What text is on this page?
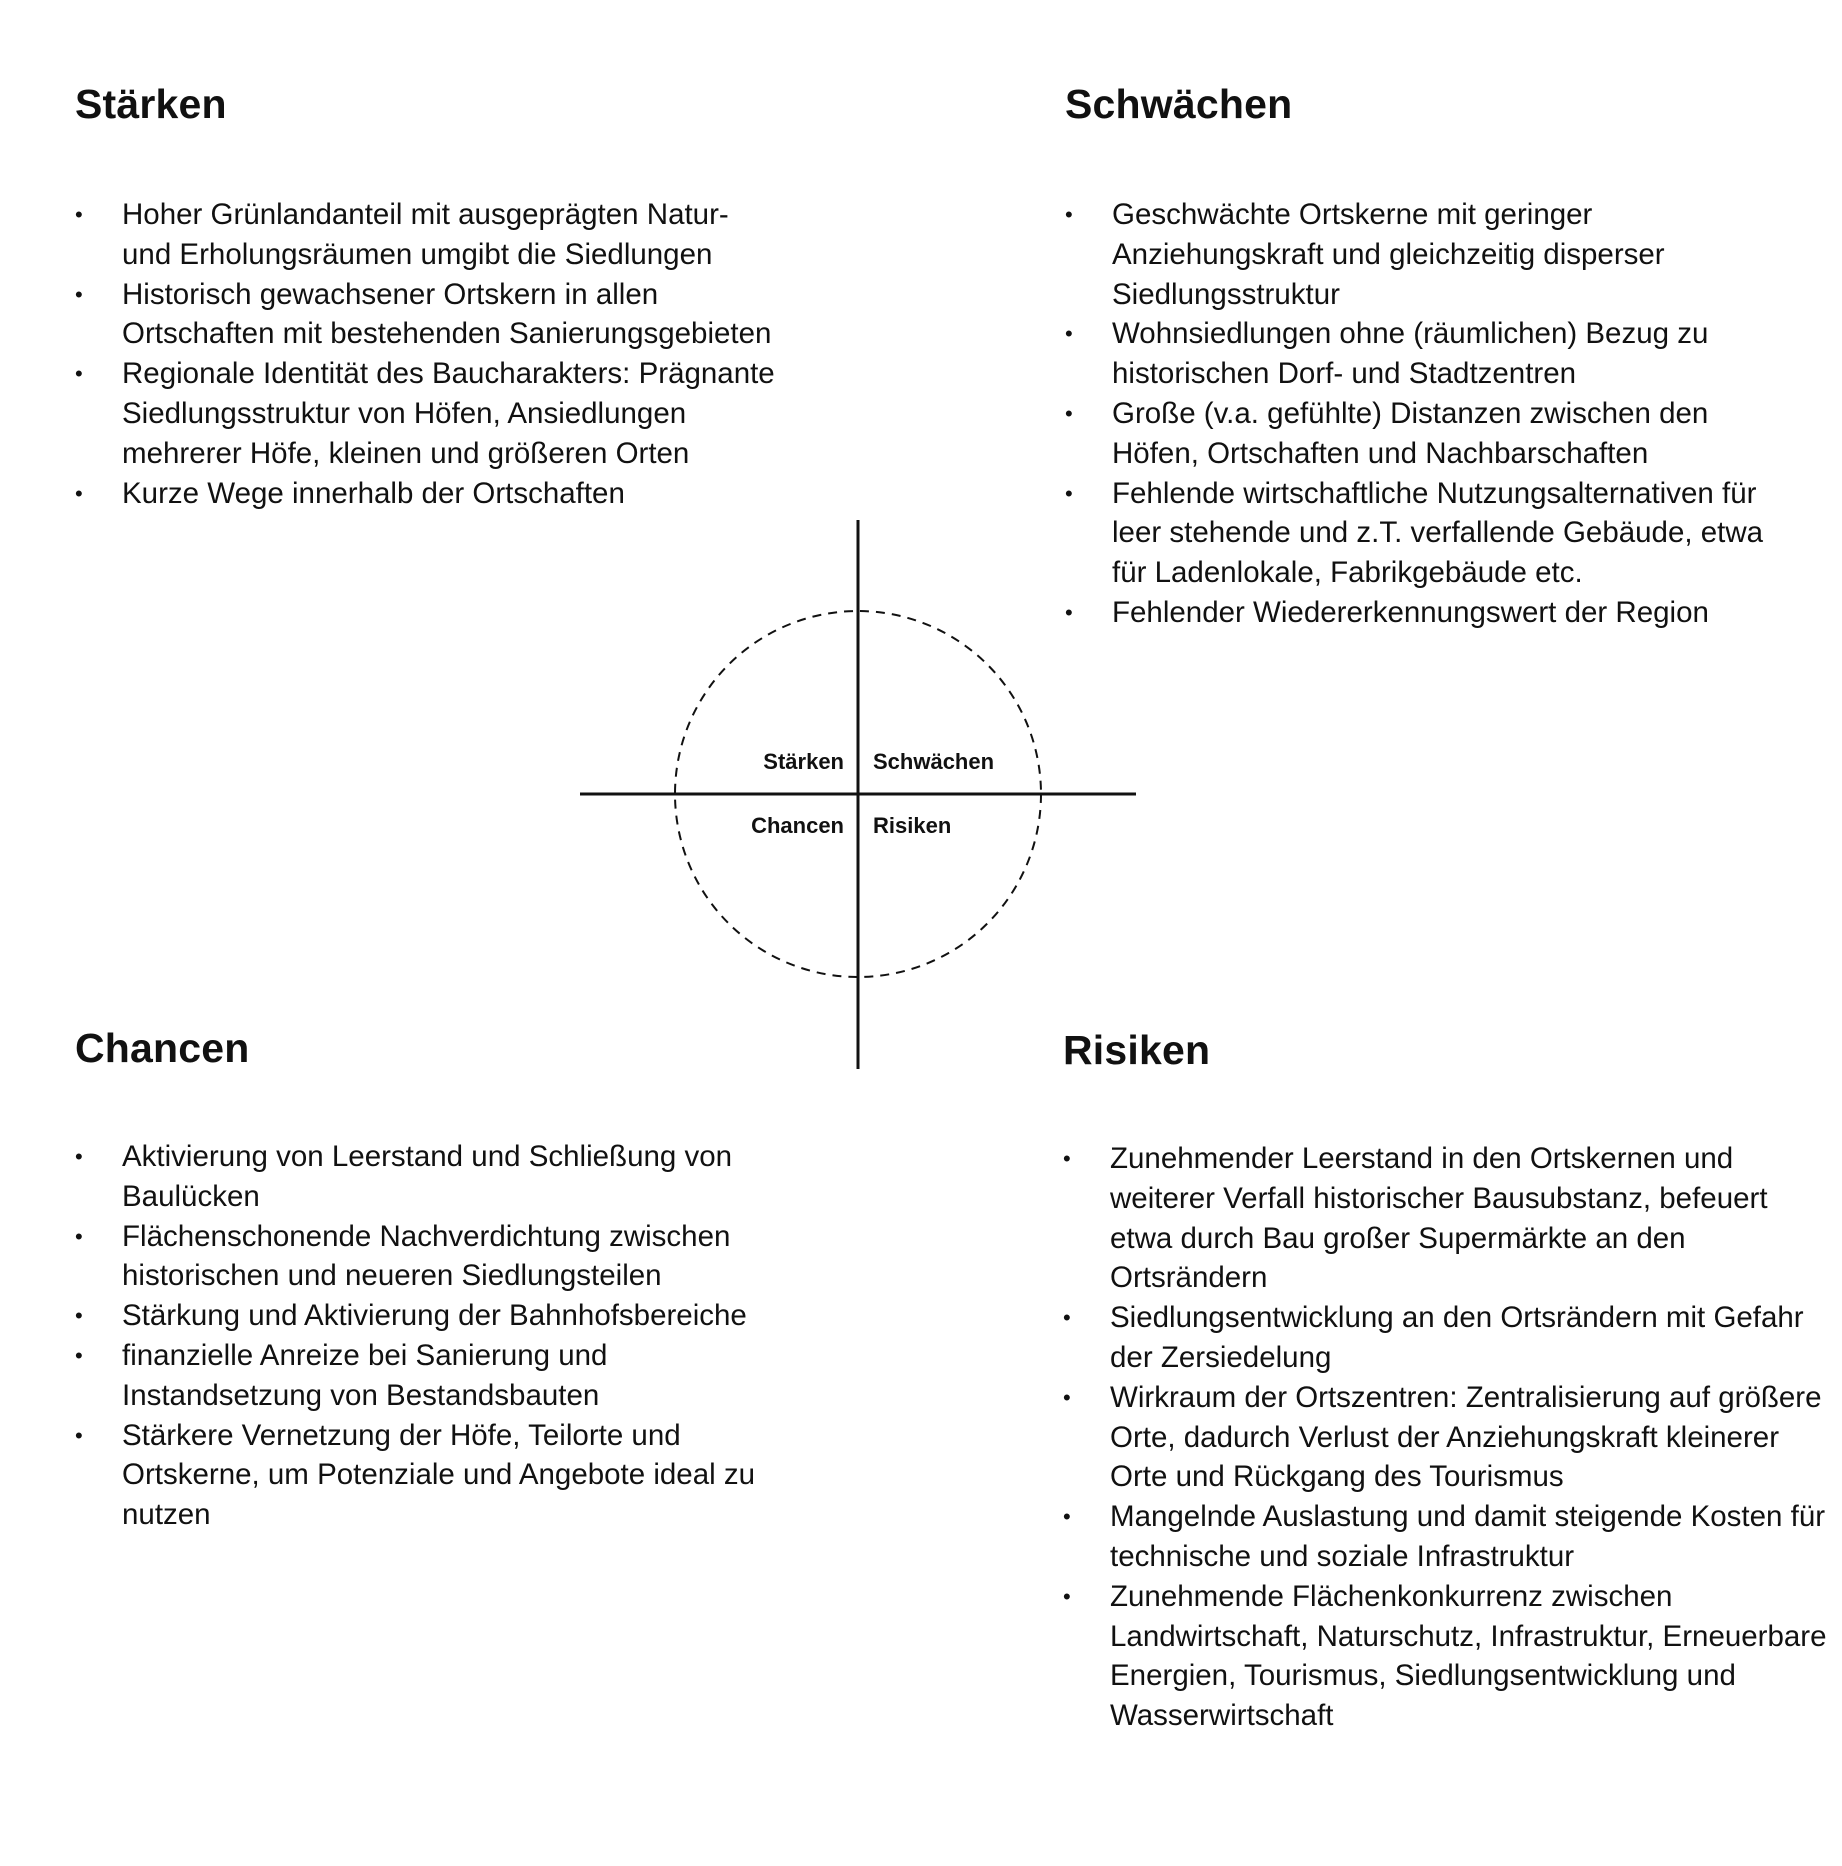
Stärken
• Hoher Grünlandanteil mit ausgeprägten Natur- und Erholungsräumen umgibt die Siedlungen
• Historisch gewachsener Ortskern in allen Ortschaften mit bestehenden Sanierungsgebieten
• Regionale Identität des Baucharakters: Prägnante Siedlungsstruktur von Höfen, Ansiedlungen mehrerer Höfe, kleinen und größeren Orten
• Kurze Wege innerhalb der Ortschaften
Schwächen
• Geschwächte Ortskerne mit geringer Anziehungskraft und gleichzeitig disperser Siedlungsstruktur
• Wohnsiedlungen ohne (räumlichen) Bezug zu historischen Dorf- und Stadtzentren
• Große (v.a. gefühlte) Distanzen zwischen den Höfen, Ortschaften und Nachbarschaften
• Fehlende wirtschaftliche Nutzungsalternativen für leer stehende und z.T. verfallende Gebäude, etwa für Ladenlokale, Fabrikgebäude etc.
• Fehlender Wiedererkennungswert der Region
Chancen
• Aktivierung von Leerstand und Schließung von Baulücken
• Flächenschonende Nachverdichtung zwischen historischen und neueren Siedlungsteilen
• Stärkung und Aktivierung der Bahnhofsbereiche
• finanzielle Anreize bei Sanierung und Instandsetzung von Bestandsbauten
• Stärkere Vernetzung der Höfe, Teilorte und Ortskerne, um Potenziale und Angebote ideal zu nutzen
Risiken
• Zunehmender Leerstand in den Ortskernen und weiterer Verfall historischer Bausubstanz, befeuert etwa durch Bau großer Supermärkte an den Ortsrändern
• Siedlungsentwicklung an den Ortsrändern mit Gefahr der Zersiedelung
• Wirkraum der Ortszentren: Zentralisierung auf größere Orte, dadurch Verlust der Anziehungskraft kleinerer Orte und Rückgang des Tourismus
• Mangelnde Auslastung und damit steigende Kosten für technische und soziale Infrastruktur
• Zunehmende Flächenkonkurrenz zwischen Landwirtschaft, Naturschutz, Infrastruktur, Erneuerbare Energien, Tourismus, Siedlungsentwicklung und Wasserwirtschaft
Stärken Schwächen
Chancen Risiken
